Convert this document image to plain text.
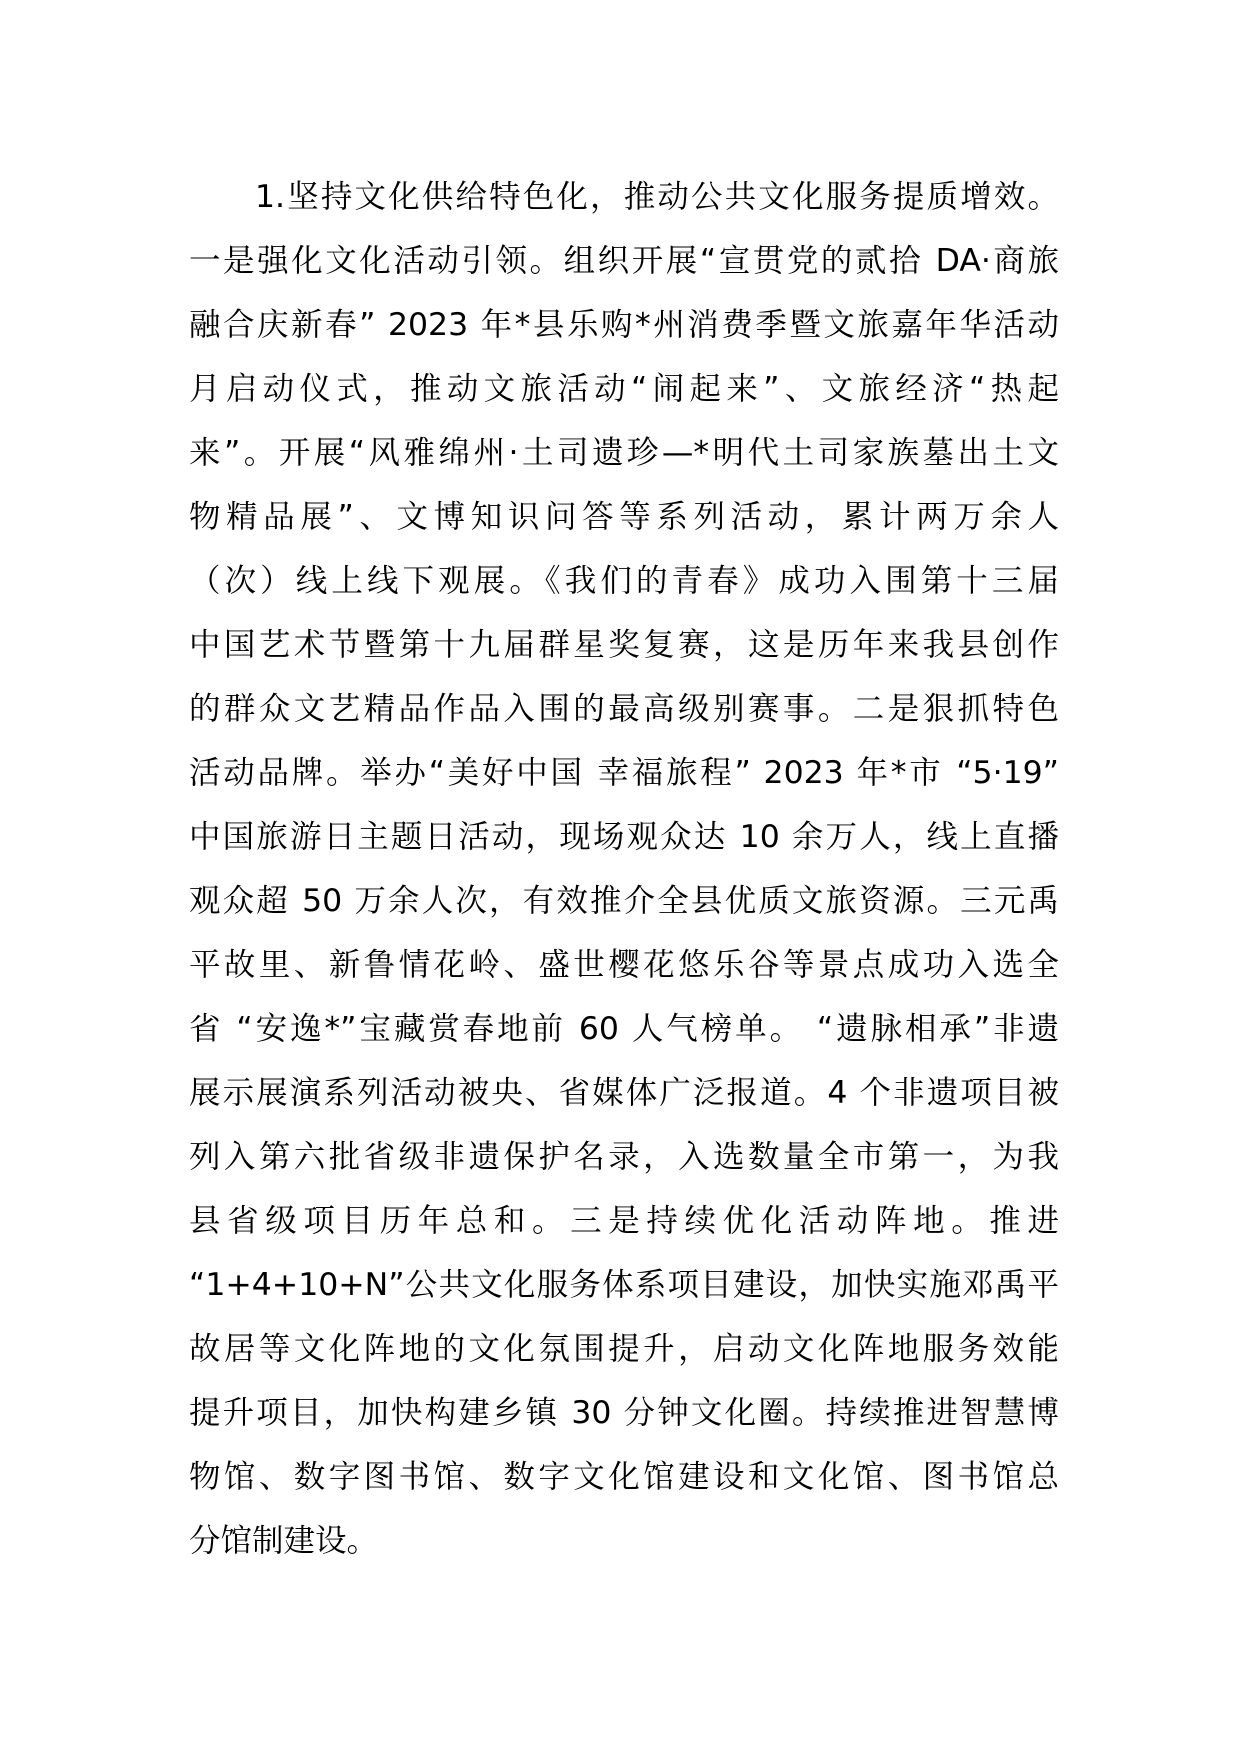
1.坚持文化供给特色化，推动公共文化服务提质增效。
一是强化文化活动引领。组织开展“宣贯党的贰拾 DA·商旅
融合庆新春” 2023 年*县乐购*州消费季暨文旅嘉年华活动
月启动仪式，推动文旅活动“闹起来”、文旅经济“热起
来”。开展“风雅绵州·土司遗珍—*明代土司家族墓出土文
物精品展”、文博知识问答等系列活动，累计两万余人
（次）线上线下观展。《我们的青春》成功入围第十三届
中国艺术节暨第十九届群星奖复赛，这是历年来我县创作
的群众文艺精品作品入围的最高级别赛事。二是狠抓特色
活动品牌。举办“美好中国 幸福旅程” 2023 年*市 “5·19”
中国旅游日主题日活动，现场观众达 10 余万人，线上直播
观众超 50 万余人次，有效推介全县优质文旅资源。三元禹
平故里、新鲁情花岭、盛世樱花悠乐谷等景点成功入选全
省 “安逸*”宝藏赏春地前 60 人气榜单。 “遗脉相承”非遗
展示展演系列活动被央、省媒体广泛报道。4 个非遗项目被
列入第六批省级非遗保护名录，入选数量全市第一，为我
县省级项目历年总和。三是持续优化活动阵地。推进
“1+4+10+N”公共文化服务体系项目建设，加快实施邓禹平
故居等文化阵地的文化氛围提升，启动文化阵地服务效能
提升项目，加快构建乡镇 30 分钟文化圈。持续推进智慧博
物馆、数字图书馆、数字文化馆建设和文化馆、图书馆总
分馆制建设。
